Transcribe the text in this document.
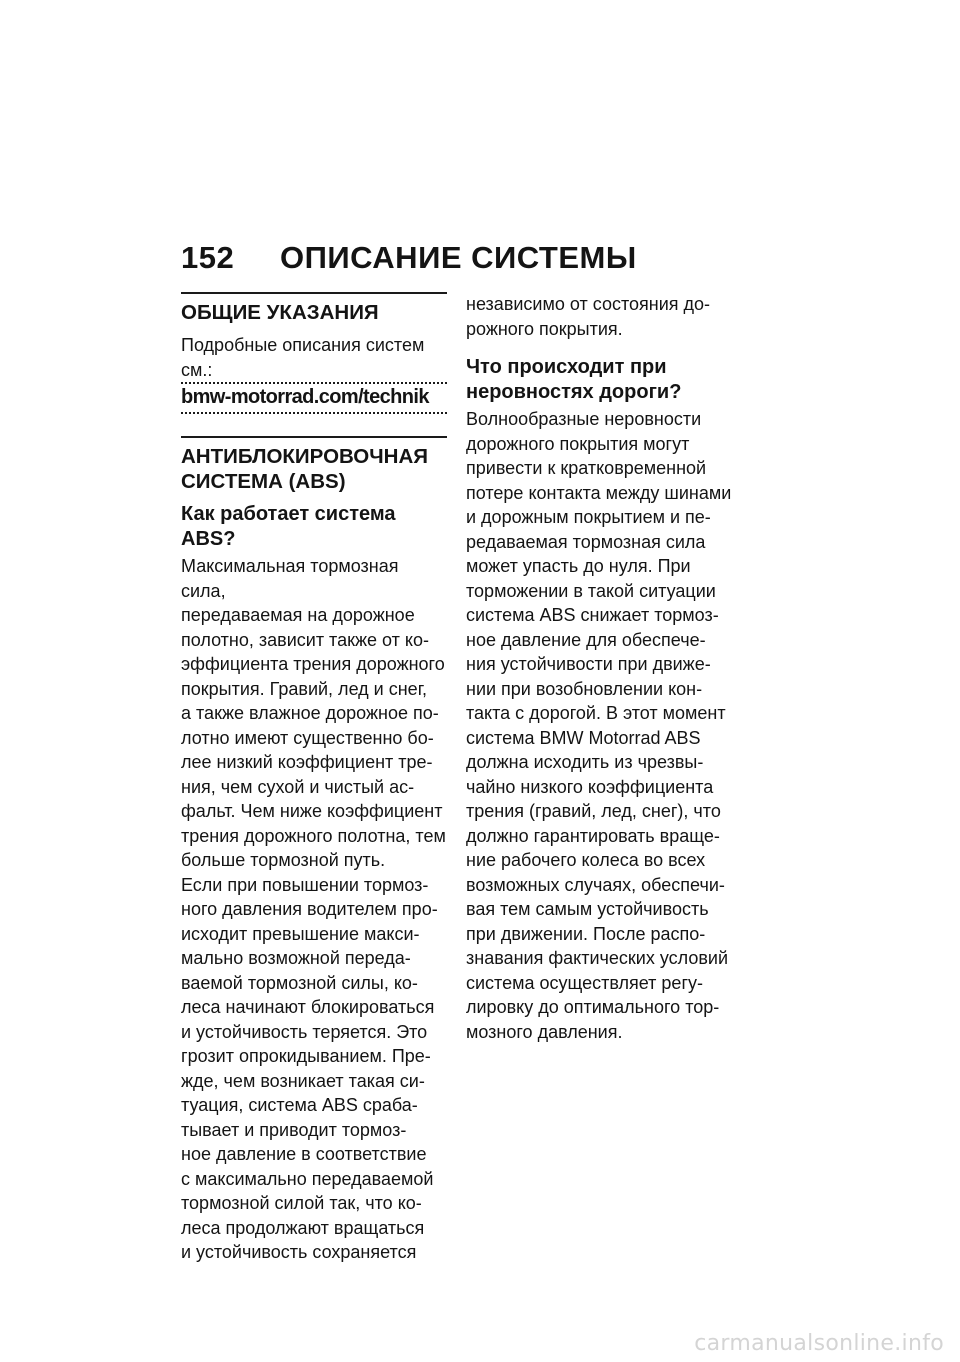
152 ОПИСАНИЕ СИСТЕМЫ
ОБЩИЕ УКАЗАНИЯ

Подробные описания систем

см.:

bmw-motorrad.com/technik
АНТИБЛОКИРОВОЧНАЯ
СИСТЕМА (ABS)
Как работает система ABS?

Максимальная тормозная сила,
передаваемая на дорожное
полотно, зависит также от ко-
эффициента трения дорожного
покрытия. Гравий, лед и снег,
а также влажное дорожное по-
лотно имеют существенно бо-
лее низкий коэффициент тре-
ния, чем сухой и чистый ас-
фальт. Чем ниже коэффициент
трения дорожного полотна, тем
больше тормозной путь.

Если при повышении тормоз-
ного давления водителем про-
исходит превышение макси-
мально возможной переда-
ваемой тормозной силы, ко-
леса начинают блокироваться
и устойчивость теряется. Это
грозит опрокидыванием. Пре-
жде, чем возникает такая си-
туация, система ABS сраба-
тывает и приводит тормоз-
ное давление в соответствие
с максимально передаваемой
тормозной силой так, что ко-
леса продолжают вращаться
и устойчивость сохраняется

независимо от состояния до-
рожного покрытия.

Что происходит при
неровностях дороги?

Волнообразные неровности
дорожного покрытия могут
привести к кратковременной
потере контакта между шинами
и дорожным покрытием и пе-
редаваемая тормозная сила
может упасть до нуля. При
торможении в такой ситуации
система ABS снижает тормоз-
ное давление для обеспече-
ния устойчивости при движе-
нии при возобновлении кон-
такта с дорогой. В этот момент
система BMW Motorrad ABS
должна исходить из чрезвы-
чайно низкого коэффициента
трения (гравий, лед, снег), что
должно гарантировать враще-
ние рабочего колеса во всех
возможных случаях, обеспечи-
вая тем самым устойчивость
при движении. После распо-
знавания фактических условий
система осуществляет регу-
лировку до оптимального тор-
мозного давления.

carmanualsonline.info
